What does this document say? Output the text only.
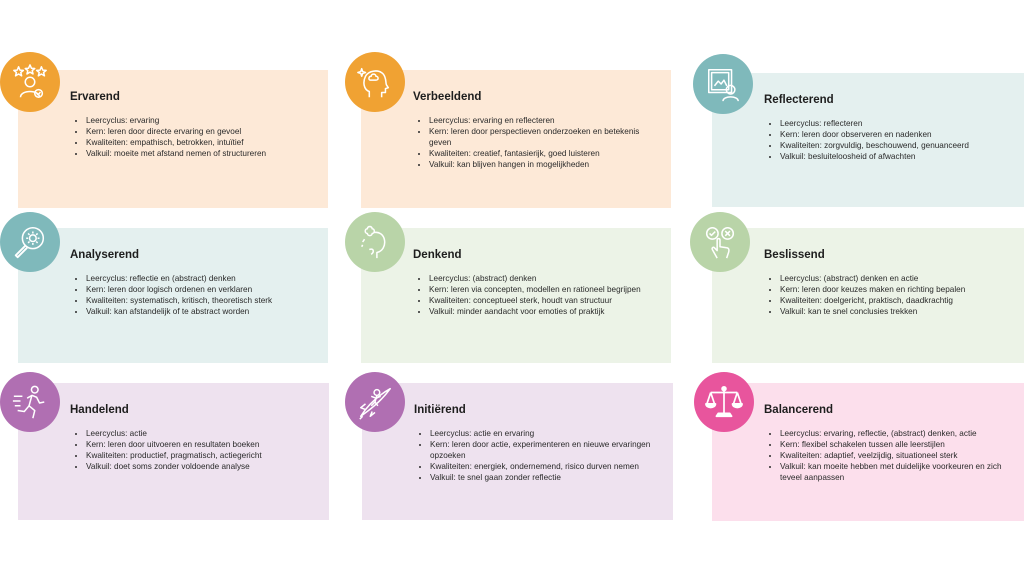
Ervarend
• Leercyclus: ervaring
• Kern: leren door directe ervaring en gevoel
• Kwaliteiten: empathisch, betrokken, intuïtief
• Valkuil: moeite met afstand nemen of structureren
Verbeeldend
• Leercyclus: ervaring en reflecteren
• Kern: leren door perspectieven onderzoeken en betekenis geven
• Kwaliteiten: creatief, fantasierijk, goed luisteren
• Valkuil: kan blijven hangen in mogelijkheden
Reflecterend
• Leercyclus: reflecteren
• Kern: leren door observeren en nadenken
• Kwaliteiten: zorgvuldig, beschouwend, genuanceerd
• Valkuil: besluiteloosheid of afwachten
Analyserend
• Leercyclus: reflectie en (abstract) denken
• Kern: leren door logisch ordenen en verklaren
• Kwaliteiten: systematisch, kritisch, theoretisch sterk
• Valkuil: kan afstandelijk of te abstract worden
Denkend
• Leercyclus: (abstract) denken
• Kern: leren via concepten, modellen en rationeel begrijpen
• Kwaliteiten: conceptueel sterk, houdt van structuur
• Valkuil: minder aandacht voor emoties of praktijk
Beslissend
• Leercyclus: (abstract) denken en actie
• Kern: leren door keuzes maken en richting bepalen
• Kwaliteiten: doelgericht, praktisch, daadkrachtig
• Valkuil: kan te snel conclusies trekken
Handelend
• Leercyclus: actie
• Kern: leren door uitvoeren en resultaten boeken
• Kwaliteiten: productief, pragmatisch, actiegericht
• Valkuil: doet soms zonder voldoende analyse
Initiërend
• Leercyclus: actie en ervaring
• Kern: leren door actie, experimenteren en nieuwe ervaringen opzoeken
• Kwaliteiten: energiek, ondernemend, risico durven nemen
• Valkuil: te snel gaan zonder reflectie
Balancerend
• Leercyclus: ervaring, reflectie, (abstract) denken, actie
• Kern: flexibel schakelen tussen alle leerstijlen
• Kwaliteiten: adaptief, veelzijdig, situationeel sterk
• Valkuil: kan moeite hebben met duidelijke voorkeuren en zich teveel aanpassen
